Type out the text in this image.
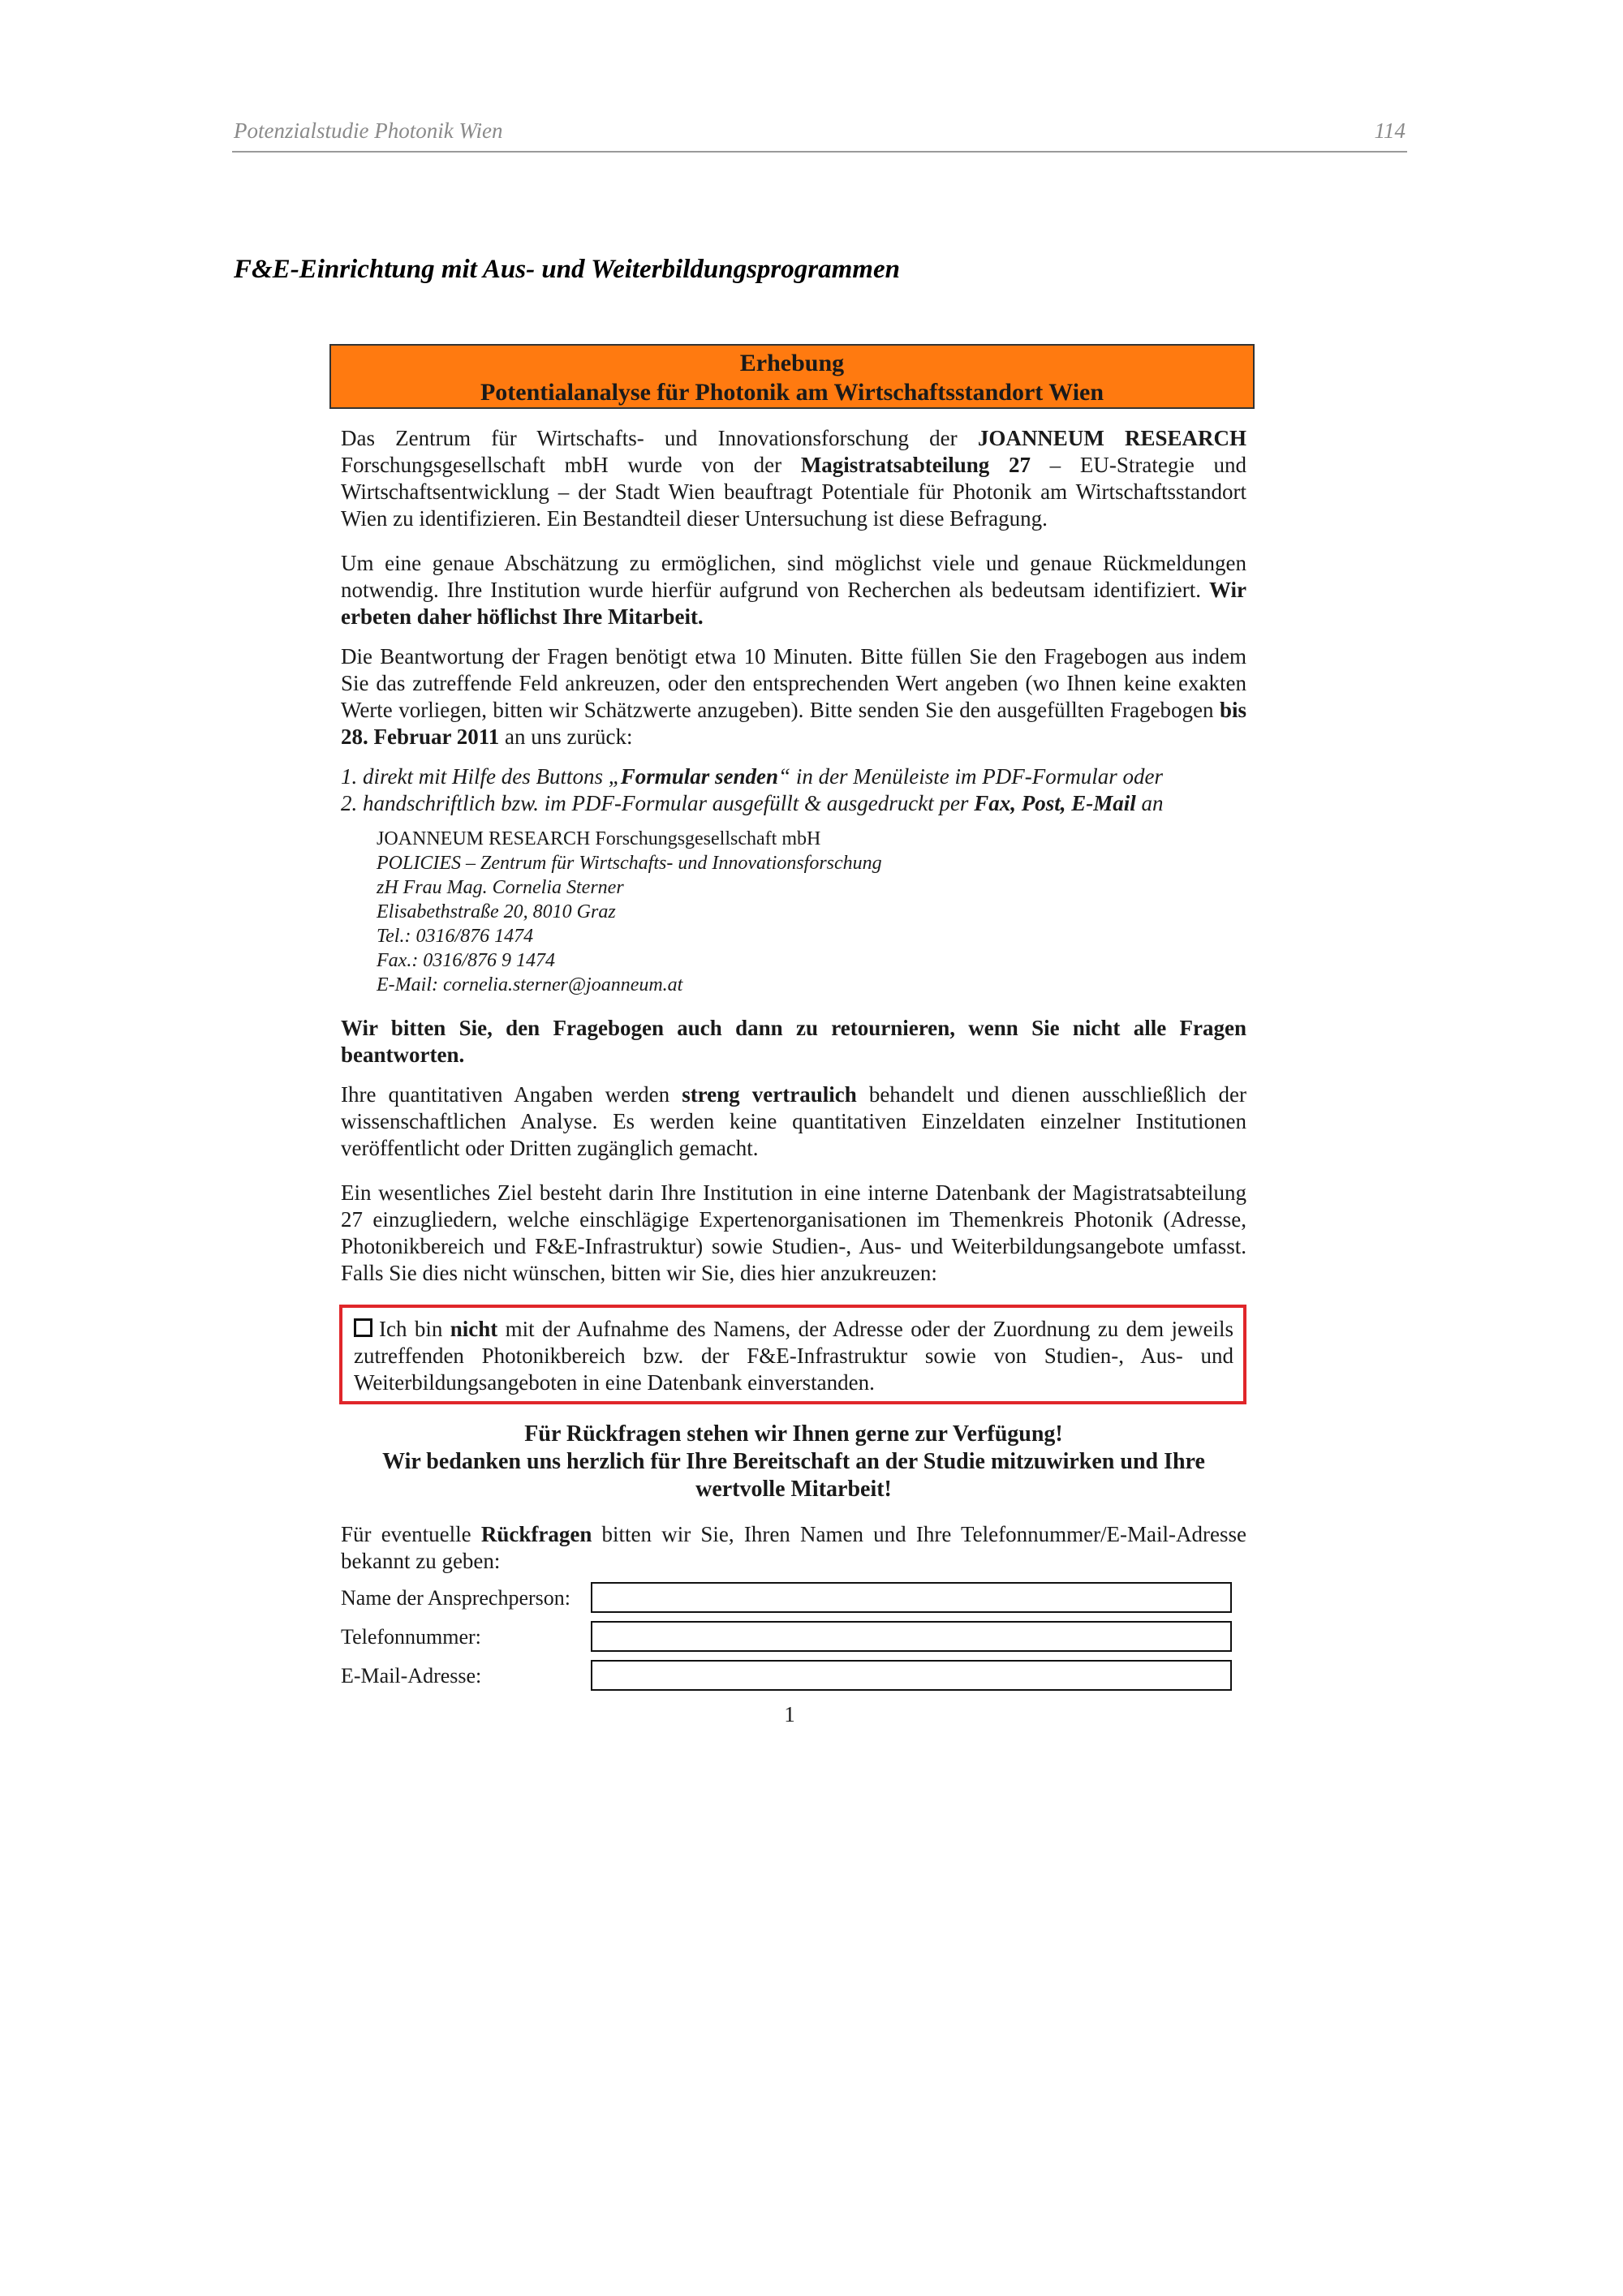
Potenzialstudie Photonik Wien	114
F&E-Einrichtung mit Aus- und Weiterbildungsprogrammen
Erhebung
Potentialanalyse für Photonik am Wirtschaftsstandort Wien

Das Zentrum für Wirtschafts- und Innovationsforschung der JOANNEUM RESEARCH Forschungsgesellschaft mbH wurde von der Magistratsabteilung 27 – EU-Strategie und Wirtschaftsentwicklung – der Stadt Wien beauftragt Potentiale für Photonik am Wirtschaftsstandort Wien zu identifizieren. Ein Bestandteil dieser Untersuchung ist diese Befragung.

Um eine genaue Abschätzung zu ermöglichen, sind möglichst viele und genaue Rückmeldungen notwendig. Ihre Institution wurde hierfür aufgrund von Recherchen als bedeutsam identifiziert. Wir erbeten daher höflichst Ihre Mitarbeit.

Die Beantwortung der Fragen benötigt etwa 10 Minuten. Bitte füllen Sie den Fragebogen aus indem Sie das zutreffende Feld ankreuzen, oder den entsprechenden Wert angeben (wo Ihnen keine exakten Werte vorliegen, bitten wir Schätzwerte anzugeben). Bitte senden Sie den ausgefüllten Fragebogen bis 28. Februar 2011 an uns zurück:

1. direkt mit Hilfe des Buttons „Formular senden“ in der Menüleiste im PDF-Formular oder
2. handschriftlich bzw. im PDF-Formular ausgefüllt & ausgedruckt per Fax, Post, E-Mail an
JOANNEUM RESEARCH Forschungsgesellschaft mbH
POLICIES – Zentrum für Wirtschafts- und Innovationsforschung
zH Frau Mag. Cornelia Sterner
Elisabethstraße 20, 8010 Graz
Tel.: 0316/876 1474
Fax.: 0316/876 9 1474
E-Mail: cornelia.sterner@joanneum.at

Wir bitten Sie, den Fragebogen auch dann zu retournieren, wenn Sie nicht alle Fragen beantworten.

Ihre quantitativen Angaben werden streng vertraulich behandelt und dienen ausschließlich der wissenschaftlichen Analyse. Es werden keine quantitativen Einzeldaten einzelner Institutionen veröffentlicht oder Dritten zugänglich gemacht.

Ein wesentliches Ziel besteht darin Ihre Institution in eine interne Datenbank der Magistratsabteilung 27 einzugliedern, welche einschlägige Expertenorganisationen im Themenkreis Photonik (Adresse, Photonikbereich und F&E-Infrastruktur) sowie Studien-, Aus- und Weiterbildungsangebote umfasst. Falls Sie dies nicht wünschen, bitten wir Sie, dies hier anzukreuzen:

Ich bin nicht mit der Aufnahme des Namens, der Adresse oder der Zuordnung zu dem jeweils zutreffenden Photonikbereich bzw. der F&E-Infrastruktur sowie von Studien-, Aus- und Weiterbildungsangeboten in eine Datenbank einverstanden.
Für Rückfragen stehen wir Ihnen gerne zur Verfügung!
Wir bedanken uns herzlich für Ihre Bereitschaft an der Studie mitzuwirken und Ihre wertvolle Mitarbeit!

Für eventuelle Rückfragen bitten wir Sie, Ihren Namen und Ihre Telefonnummer/E-Mail-Adresse bekannt zu geben:

Name der Ansprechperson:
Telefonnummer:
E-Mail-Adresse:
1
